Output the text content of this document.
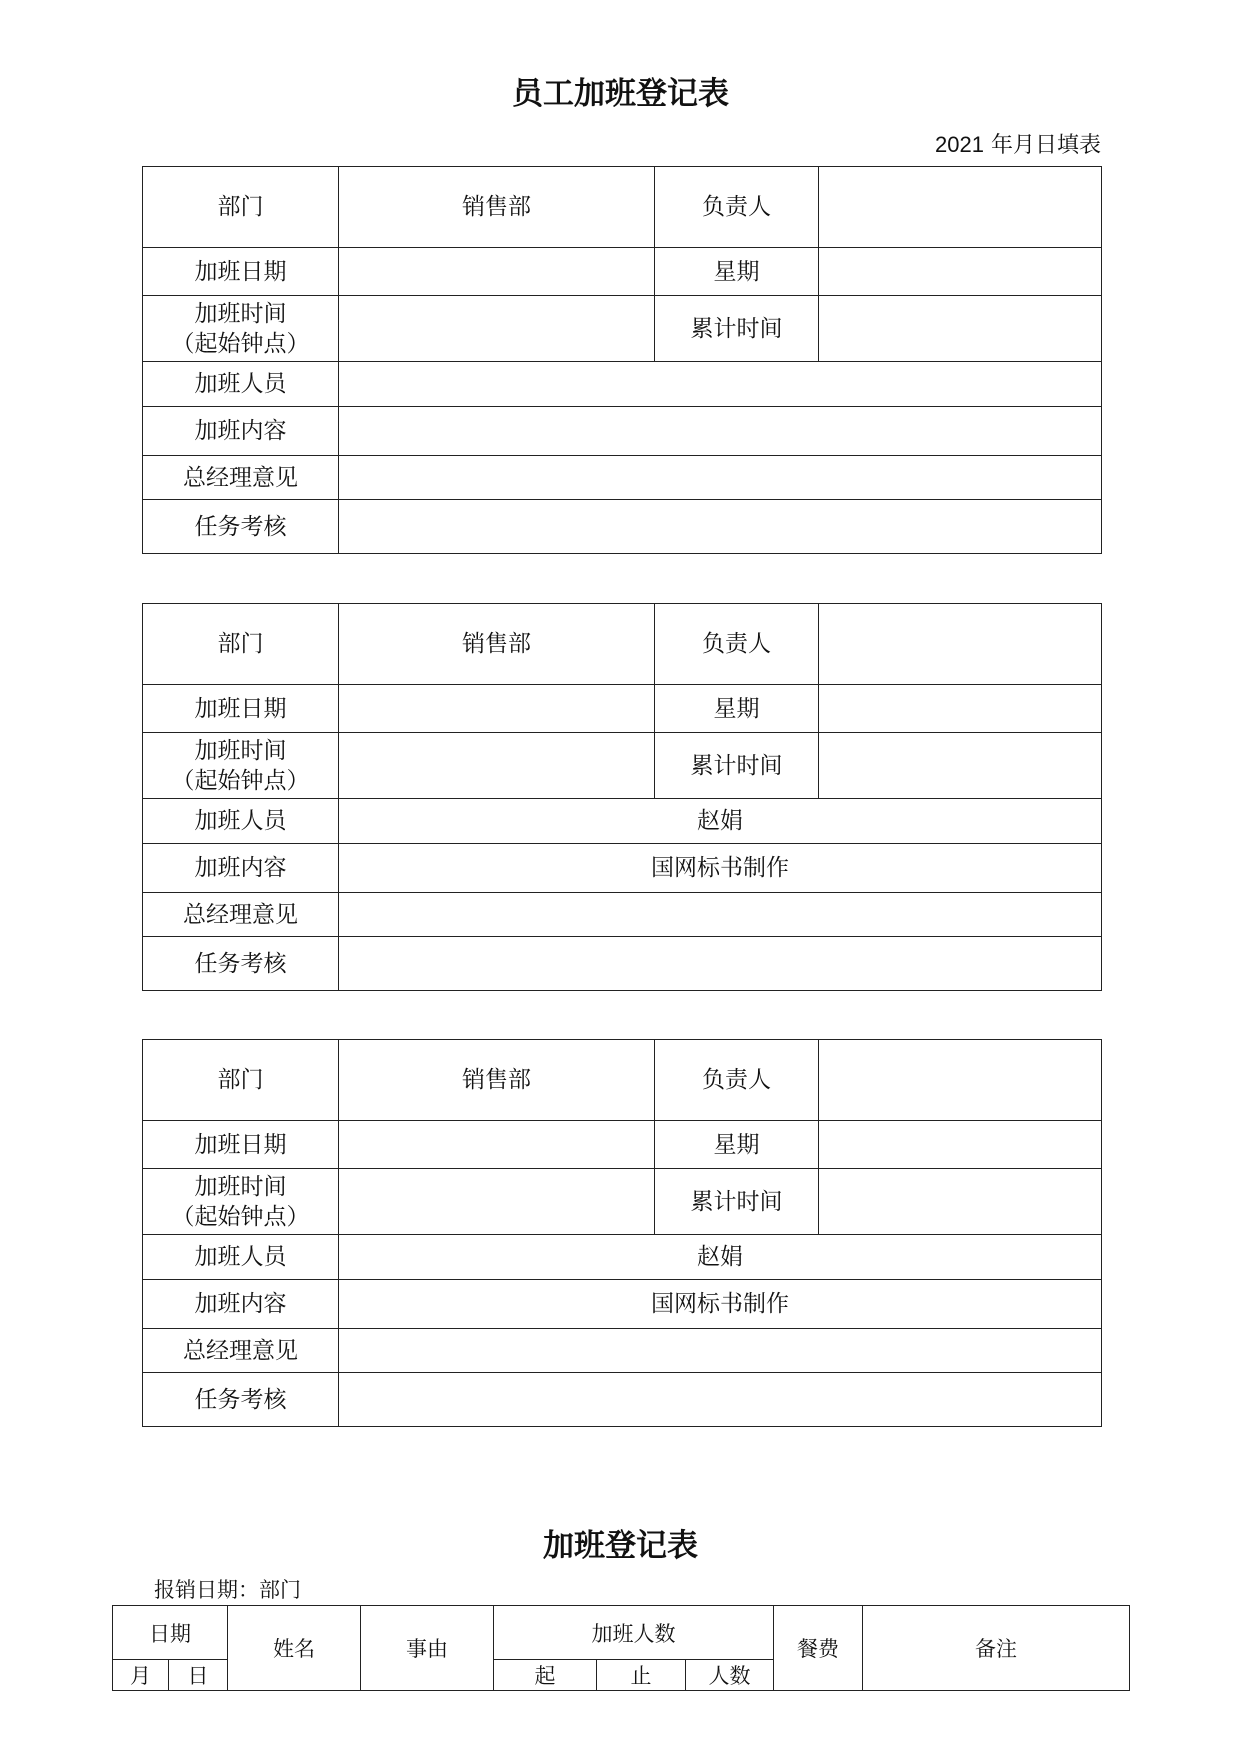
员工加班登记表
2021 年月日填表
部门	销售部	负责人	
加班日期		星期	
加班时间
（起始钟点）		累计时间	
加班人员			
加班内容			
总经理意见			
任务考核			
部门	销售部	负责人	
加班日期		星期	
加班时间
（起始钟点）		累计时间	
加班人员	赵娟		
加班内容	国网标书制作		
总经理意见			
任务考核			
部门	销售部	负责人	
加班日期		星期	
加班时间
（起始钟点）		累计时间	
加班人员	赵娟		
加班内容	国网标书制作		
总经理意见			
任务考核			
加班登记表
报销日期：部门
日期		姓名	事由	加班人数			餐费	备注
月	日			起	止	人数		
